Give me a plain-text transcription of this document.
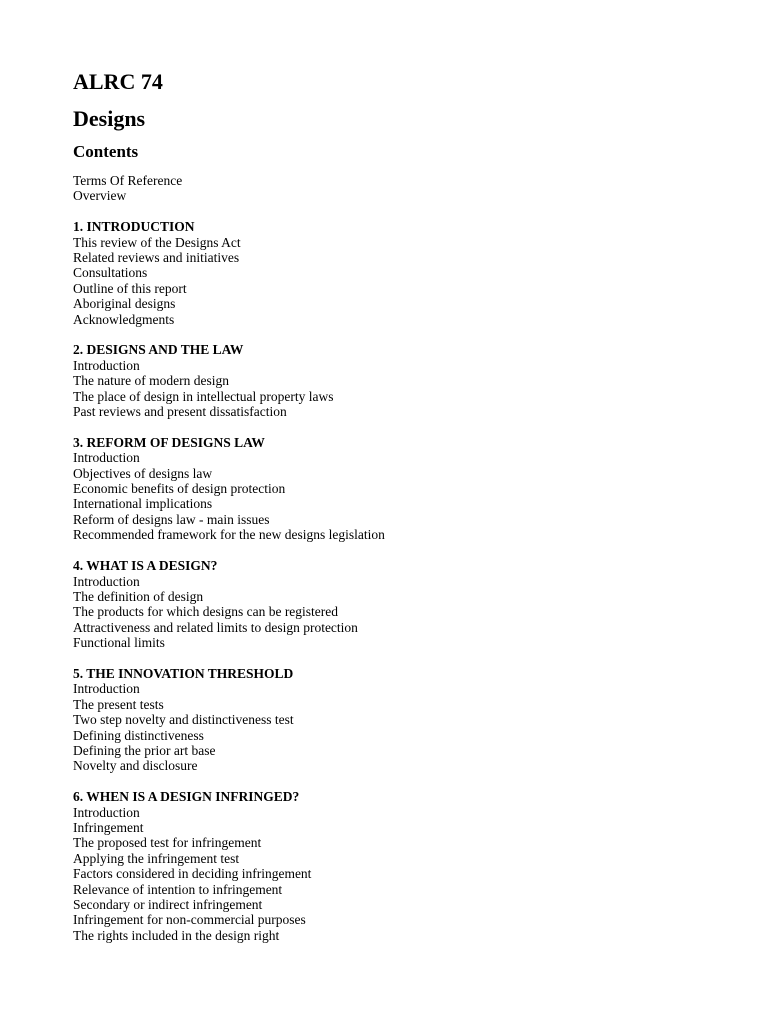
ALRC 74
Designs
Contents
Terms Of Reference
Overview
1. INTRODUCTION
This review of the Designs Act
Related reviews and initiatives
Consultations
Outline of this report
Aboriginal designs
Acknowledgments
2. DESIGNS AND THE LAW
Introduction
The nature of modern design
The place of design in intellectual property laws
Past reviews and present dissatisfaction
3. REFORM OF DESIGNS LAW
Introduction
Objectives of designs law
Economic benefits of design protection
International implications
Reform of designs law - main issues
Recommended framework for the new designs legislation
4. WHAT IS A DESIGN?
Introduction
The definition of design
The products for which designs can be registered
Attractiveness and related limits to design protection
Functional limits
5. THE INNOVATION THRESHOLD
Introduction
The present tests
Two step novelty and distinctiveness test
Defining distinctiveness
Defining the prior art base
Novelty and disclosure
6. WHEN IS A DESIGN INFRINGED?
Introduction
Infringement
The proposed test for infringement
Applying the infringement test
Factors considered in deciding infringement
Relevance of intention to infringement
Secondary or indirect infringement
Infringement for non-commercial purposes
The rights included in the design right
